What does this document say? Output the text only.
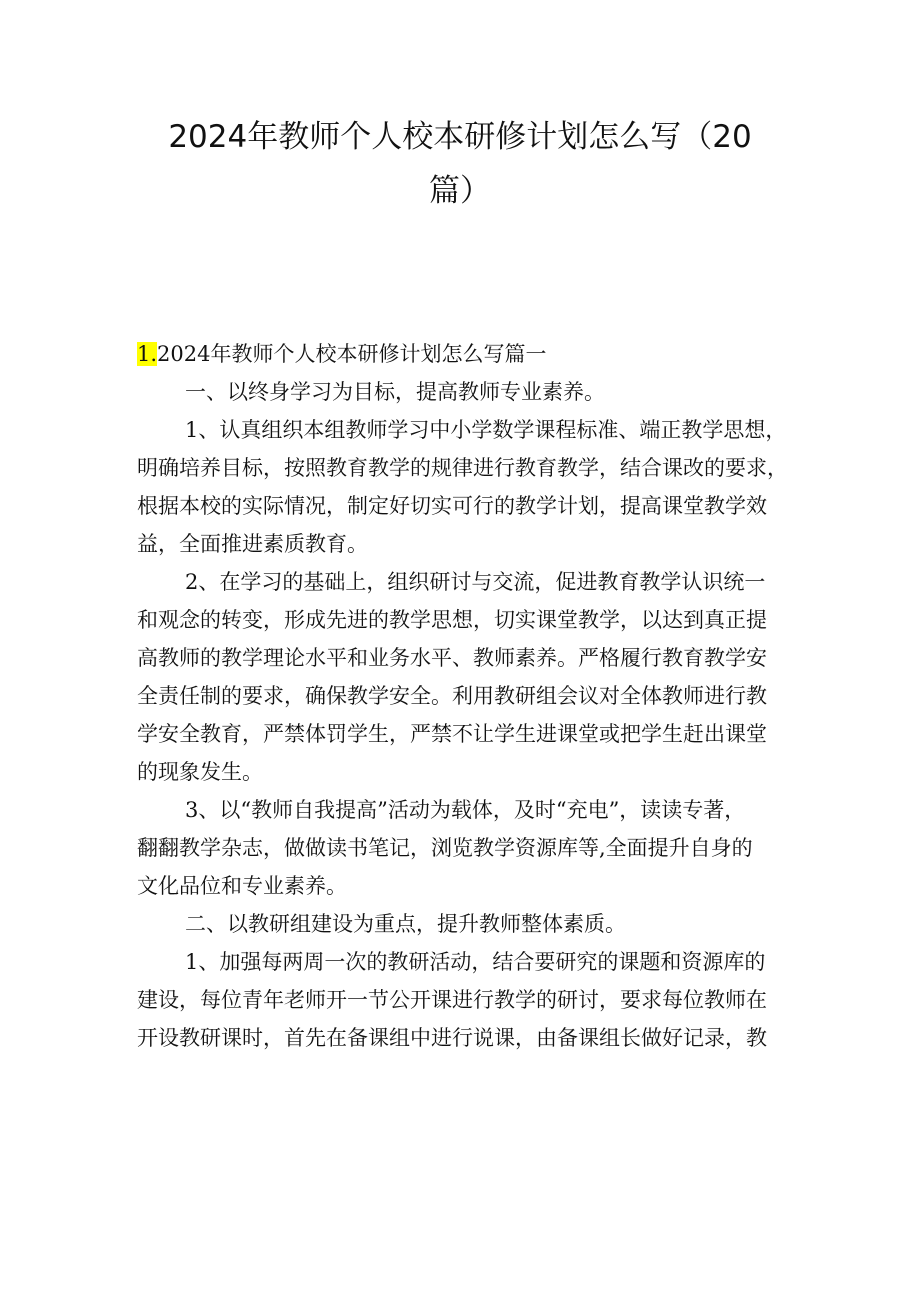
2024年教师个人校本研修计划怎么写（20
篇）
1.2024年教师个人校本研修计划怎么写篇一
一、以终身学习为目标，提高教师专业素养。
1、认真组织本组教师学习中小学数学课程标准、端正教学思想，
明确培养目标，按照教育教学的规律进行教育教学，结合课改的要求，
根据本校的实际情况，制定好切实可行的教学计划，提高课堂教学效
益，全面推进素质教育。
2、在学习的基础上，组织研讨与交流，促进教育教学认识统一
和观念的转变，形成先进的教学思想，切实课堂教学，以达到真正提
高教师的教学理论水平和业务水平、教师素养。严格履行教育教学安
全责任制的要求，确保教学安全。利用教研组会议对全体教师进行教
学安全教育，严禁体罚学生，严禁不让学生进课堂或把学生赶出课堂
的现象发生。
3、以“教师自我提高”活动为载体，及时“充电”，读读专著，
翻翻教学杂志，做做读书笔记，浏览教学资源库等,全面提升自身的
文化品位和专业素养。
二、以教研组建设为重点，提升教师整体素质。
1、加强每两周一次的教研活动，结合要研究的课题和资源库的
建设，每位青年老师开一节公开课进行教学的研讨，要求每位教师在
开设教研课时，首先在备课组中进行说课，由备课组长做好记录，教
